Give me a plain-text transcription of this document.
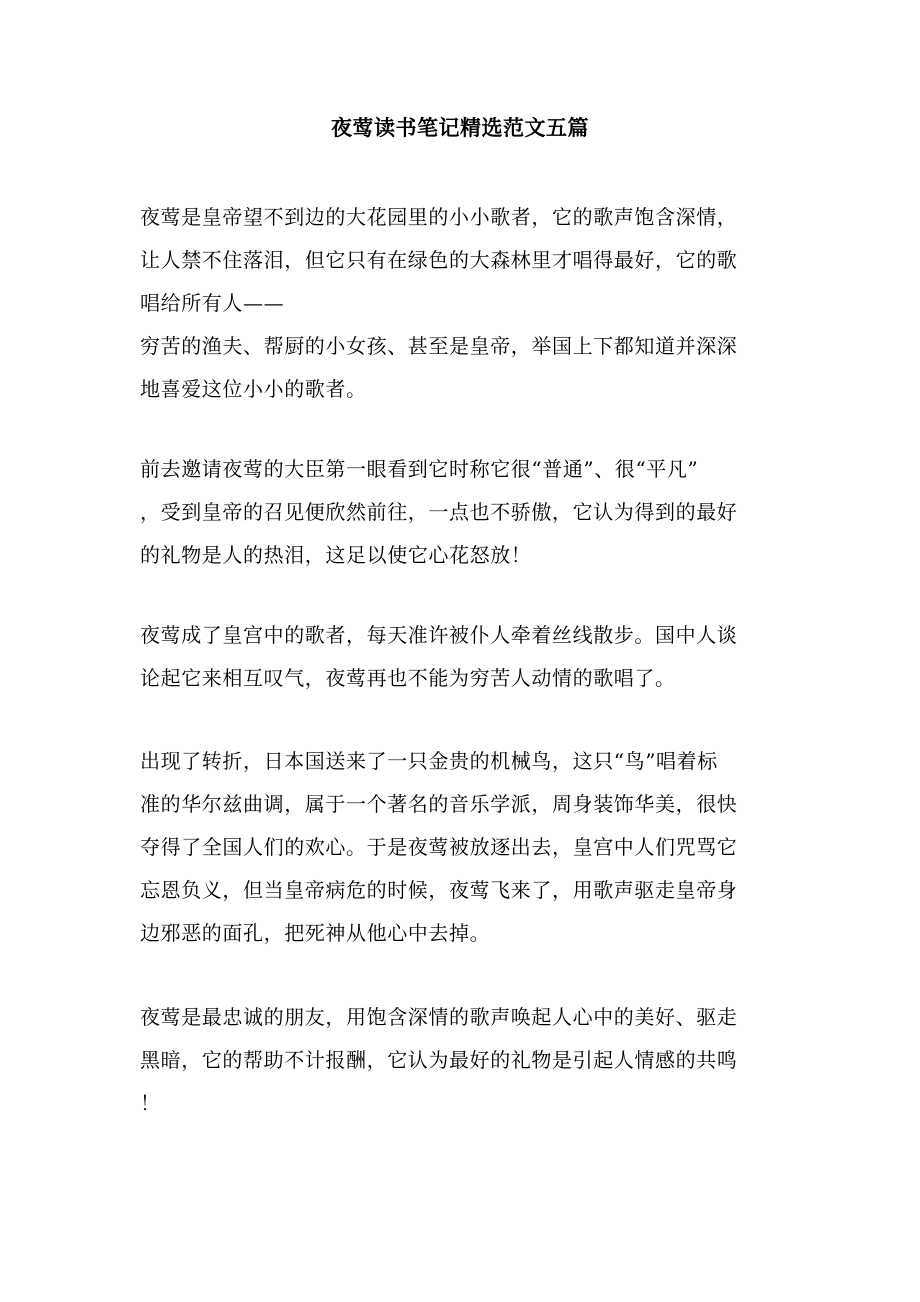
夜莺读书笔记精选范文五篇
夜莺是皇帝望不到边的大花园里的小小歌者，它的歌声饱含深情，
让人禁不住落泪，但它只有在绿色的大森林里才唱得最好，它的歌
唱给所有人——
穷苦的渔夫、帮厨的小女孩、甚至是皇帝，举国上下都知道并深深
地喜爱这位小小的歌者。
前去邀请夜莺的大臣第一眼看到它时称它很“普通”、很“平凡”
，受到皇帝的召见便欣然前往，一点也不骄傲，它认为得到的最好
的礼物是人的热泪，这足以使它心花怒放！
夜莺成了皇宫中的歌者，每天准许被仆人牵着丝线散步。国中人谈
论起它来相互叹气，夜莺再也不能为穷苦人动情的歌唱了。
出现了转折，日本国送来了一只金贵的机械鸟，这只“鸟”唱着标
准的华尔兹曲调，属于一个著名的音乐学派，周身装饰华美，很快
夺得了全国人们的欢心。于是夜莺被放逐出去，皇宫中人们咒骂它
忘恩负义，但当皇帝病危的时候，夜莺飞来了，用歌声驱走皇帝身
边邪恶的面孔，把死神从他心中去掉。
夜莺是最忠诚的朋友，用饱含深情的歌声唤起人心中的美好、驱走
黑暗，它的帮助不计报酬，它认为最好的礼物是引起人情感的共鸣
！
